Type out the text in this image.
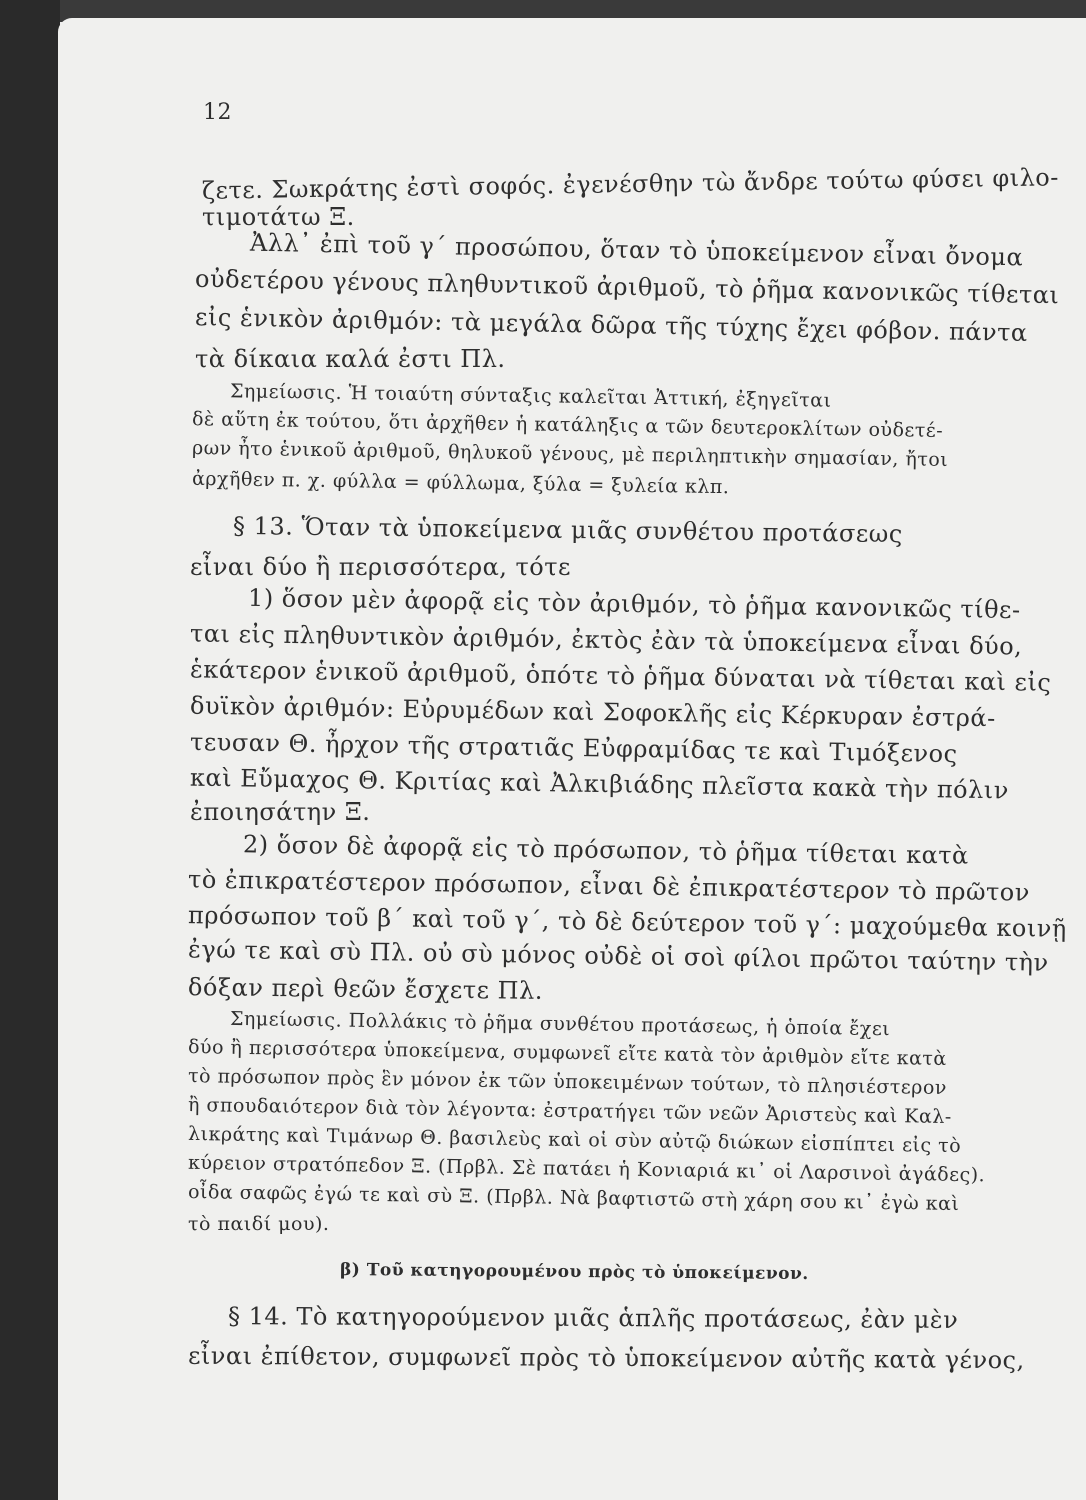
12
ζετε. Σωκράτης ἐστὶ σοφός. ἐγενέσθην τὼ ἄνδρε τούτω φύσει φιλο-
τιμοτάτω Ξ.
Ἀλλ᾽ ἐπὶ τοῦ γ´ προσώπου, ὅταν τὸ ὑποκείμενον εἶναι ὄνομα
οὐδετέρου γένους πληθυντικοῦ ἀριθμοῦ, τὸ ῥῆμα κανονικῶς τίθεται
εἰς ἑνικὸν ἀριθμόν: τὰ μεγάλα δῶρα τῆς τύχης ἔχει φόβον. πάντα
τὰ δίκαια καλά ἐστι Πλ.
Σημείωσις. Ἡ τοιαύτη σύνταξις καλεῖται Ἀττική, ἐξηγεῖται
δὲ αὕτη ἐκ τούτου, ὅτι ἀρχῆθεν ἡ κατάληξις α τῶν δευτεροκλίτων οὐδετέ-
ρων ἦτο ἑνικοῦ ἀριθμοῦ, θηλυκοῦ γένους, μὲ περιληπτικὴν σημασίαν, ἤτοι
ἀρχῆθεν π. χ. φύλλα = φύλλωμα, ξύλα = ξυλεία κλπ.
§ 13. Ὅταν τὰ ὑποκείμενα μιᾶς συνθέτου προτάσεως
εἶναι δύο ἢ περισσότερα, τότε
1) ὅσον μὲν ἀφορᾷ εἰς τὸν ἀριθμόν, τὸ ῥῆμα κανονικῶς τίθε-
ται εἰς πληθυντικὸν ἀριθμόν, ἐκτὸς ἐὰν τὰ ὑποκείμενα εἶναι δύο,
ἑκάτερον ἑνικοῦ ἀριθμοῦ, ὁπότε τὸ ῥῆμα δύναται νὰ τίθεται καὶ εἰς
δυϊκὸν ἀριθμόν: Εὐρυμέδων καὶ Σοφοκλῆς εἰς Κέρκυραν ἐστρά-
τευσαν Θ. ἦρχον τῆς στρατιᾶς Εὐφραμίδας τε καὶ Τιμόξενος
καὶ Εὔμαχος Θ. Κριτίας καὶ Ἀλκιβιάδης πλεῖστα κακὰ τὴν πόλιν
ἐποιησάτην Ξ.
2) ὅσον δὲ ἀφορᾷ εἰς τὸ πρόσωπον, τὸ ῥῆμα τίθεται κατὰ
τὸ ἐπικρατέστερον πρόσωπον, εἶναι δὲ ἐπικρατέστερον τὸ πρῶτον
πρόσωπον τοῦ β´ καὶ τοῦ γ´, τὸ δὲ δεύτερον τοῦ γ´: μαχούμεθα κοινῇ
ἐγώ τε καὶ σὺ Πλ. οὐ σὺ μόνος οὐδὲ οἱ σοὶ φίλοι πρῶτοι ταύτην τὴν
δόξαν περὶ θεῶν ἔσχετε Πλ.
Σημείωσις. Πολλάκις τὸ ῥῆμα συνθέτου προτάσεως, ἡ ὁποία ἔχει
δύο ἢ περισσότερα ὑποκείμενα, συμφωνεῖ εἴτε κατὰ τὸν ἀριθμὸν εἴτε κατὰ
τὸ πρόσωπον πρὸς ἓν μόνον ἐκ τῶν ὑποκειμένων τούτων, τὸ πλησιέστερον
ἢ σπουδαιότερον διὰ τὸν λέγοντα: ἐστρατήγει τῶν νεῶν Ἀριστεὺς καὶ Καλ-
λικράτης καὶ Τιμάνωρ Θ. βασιλεὺς καὶ οἱ σὺν αὐτῷ διώκων εἰσπίπτει εἰς τὸ
κύρειον στρατόπεδον Ξ. (Πρβλ. Σὲ πατάει ἡ Κονιαριά κι᾽ οἱ Λαρσινοὶ ἀγάδες).
οἶδα σαφῶς ἐγώ τε καὶ σὺ Ξ. (Πρβλ. Νὰ βαφτιστῶ στὴ χάρη σου κι᾽ ἐγὼ καὶ
τὸ παιδί μου).
β) Τοῦ κατηγορουμένου πρὸς τὸ ὑποκείμενον.
§ 14. Τὸ κατηγορούμενον μιᾶς ἁπλῆς προτάσεως, ἐὰν μὲν
εἶναι ἐπίθετον, συμφωνεῖ πρὸς τὸ ὑποκείμενον αὐτῆς κατὰ γένος,
